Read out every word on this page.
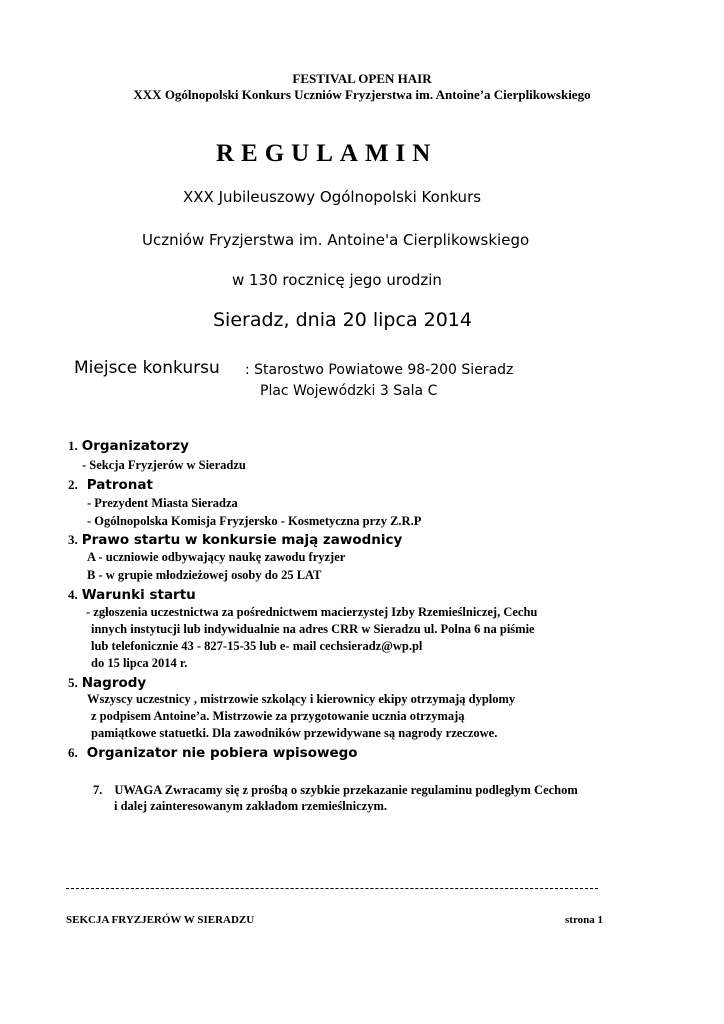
FESTIVAL OPEN HAIR
XXX Ogólnopolski Konkurs Uczniów Fryzjerstwa im. Antoine’a Cierplikowskiego
REGULAMIN
XXX Jubileuszowy Ogólnopolski Konkurs
Uczniów Fryzjerstwa im. Antoine'a Cierplikowskiego
w 130 rocznicę jego urodzin
Sieradz, dnia 20 lipca 2014
Miejsce konkursu : Starostwo Powiatowe 98-200 Sieradz
Plac Wojewódzki 3 Sala C
1. Organizatorzy
- Sekcja Fryzjerów w Sieradzu
2. Patronat
- Prezydent Miasta Sieradza
- Ogólnopolska Komisja Fryzjersko - Kosmetyczna przy Z.R.P
3. Prawo startu w konkursie mają zawodnicy
A - uczniowie odbywający naukę zawodu fryzjer
B - w grupie młodzieżowej osoby do 25 LAT
4. Warunki startu
- zgłoszenia uczestnictwa za pośrednictwem macierzystej Izby Rzemieślniczej, Cechu
innych instytucji lub indywidualnie na adres CRR w Sieradzu ul. Polna 6 na piśmie
lub telefonicznie 43 - 827-15-35 lub e- mail cechsieradz@wp.pl
do 15 lipca 2014 r.
5. Nagrody
Wszyscy uczestnicy , mistrzowie szkolący i kierownicy ekipy otrzymają dyplomy
z podpisem Antoine’a. Mistrzowie za przygotowanie ucznia otrzymają
pamiątkowe statuetki. Dla zawodników przewidywane są nagrody rzeczowe.
6. Organizator nie pobiera wpisowego
7. UWAGA Zwracamy się z prośbą o szybkie przekazanie regulaminu podległym Cechom
i dalej zainteresowanym zakładom rzemieślniczym.
SEKCJA FRYZJERÓW W SIERADZU	strona 1
